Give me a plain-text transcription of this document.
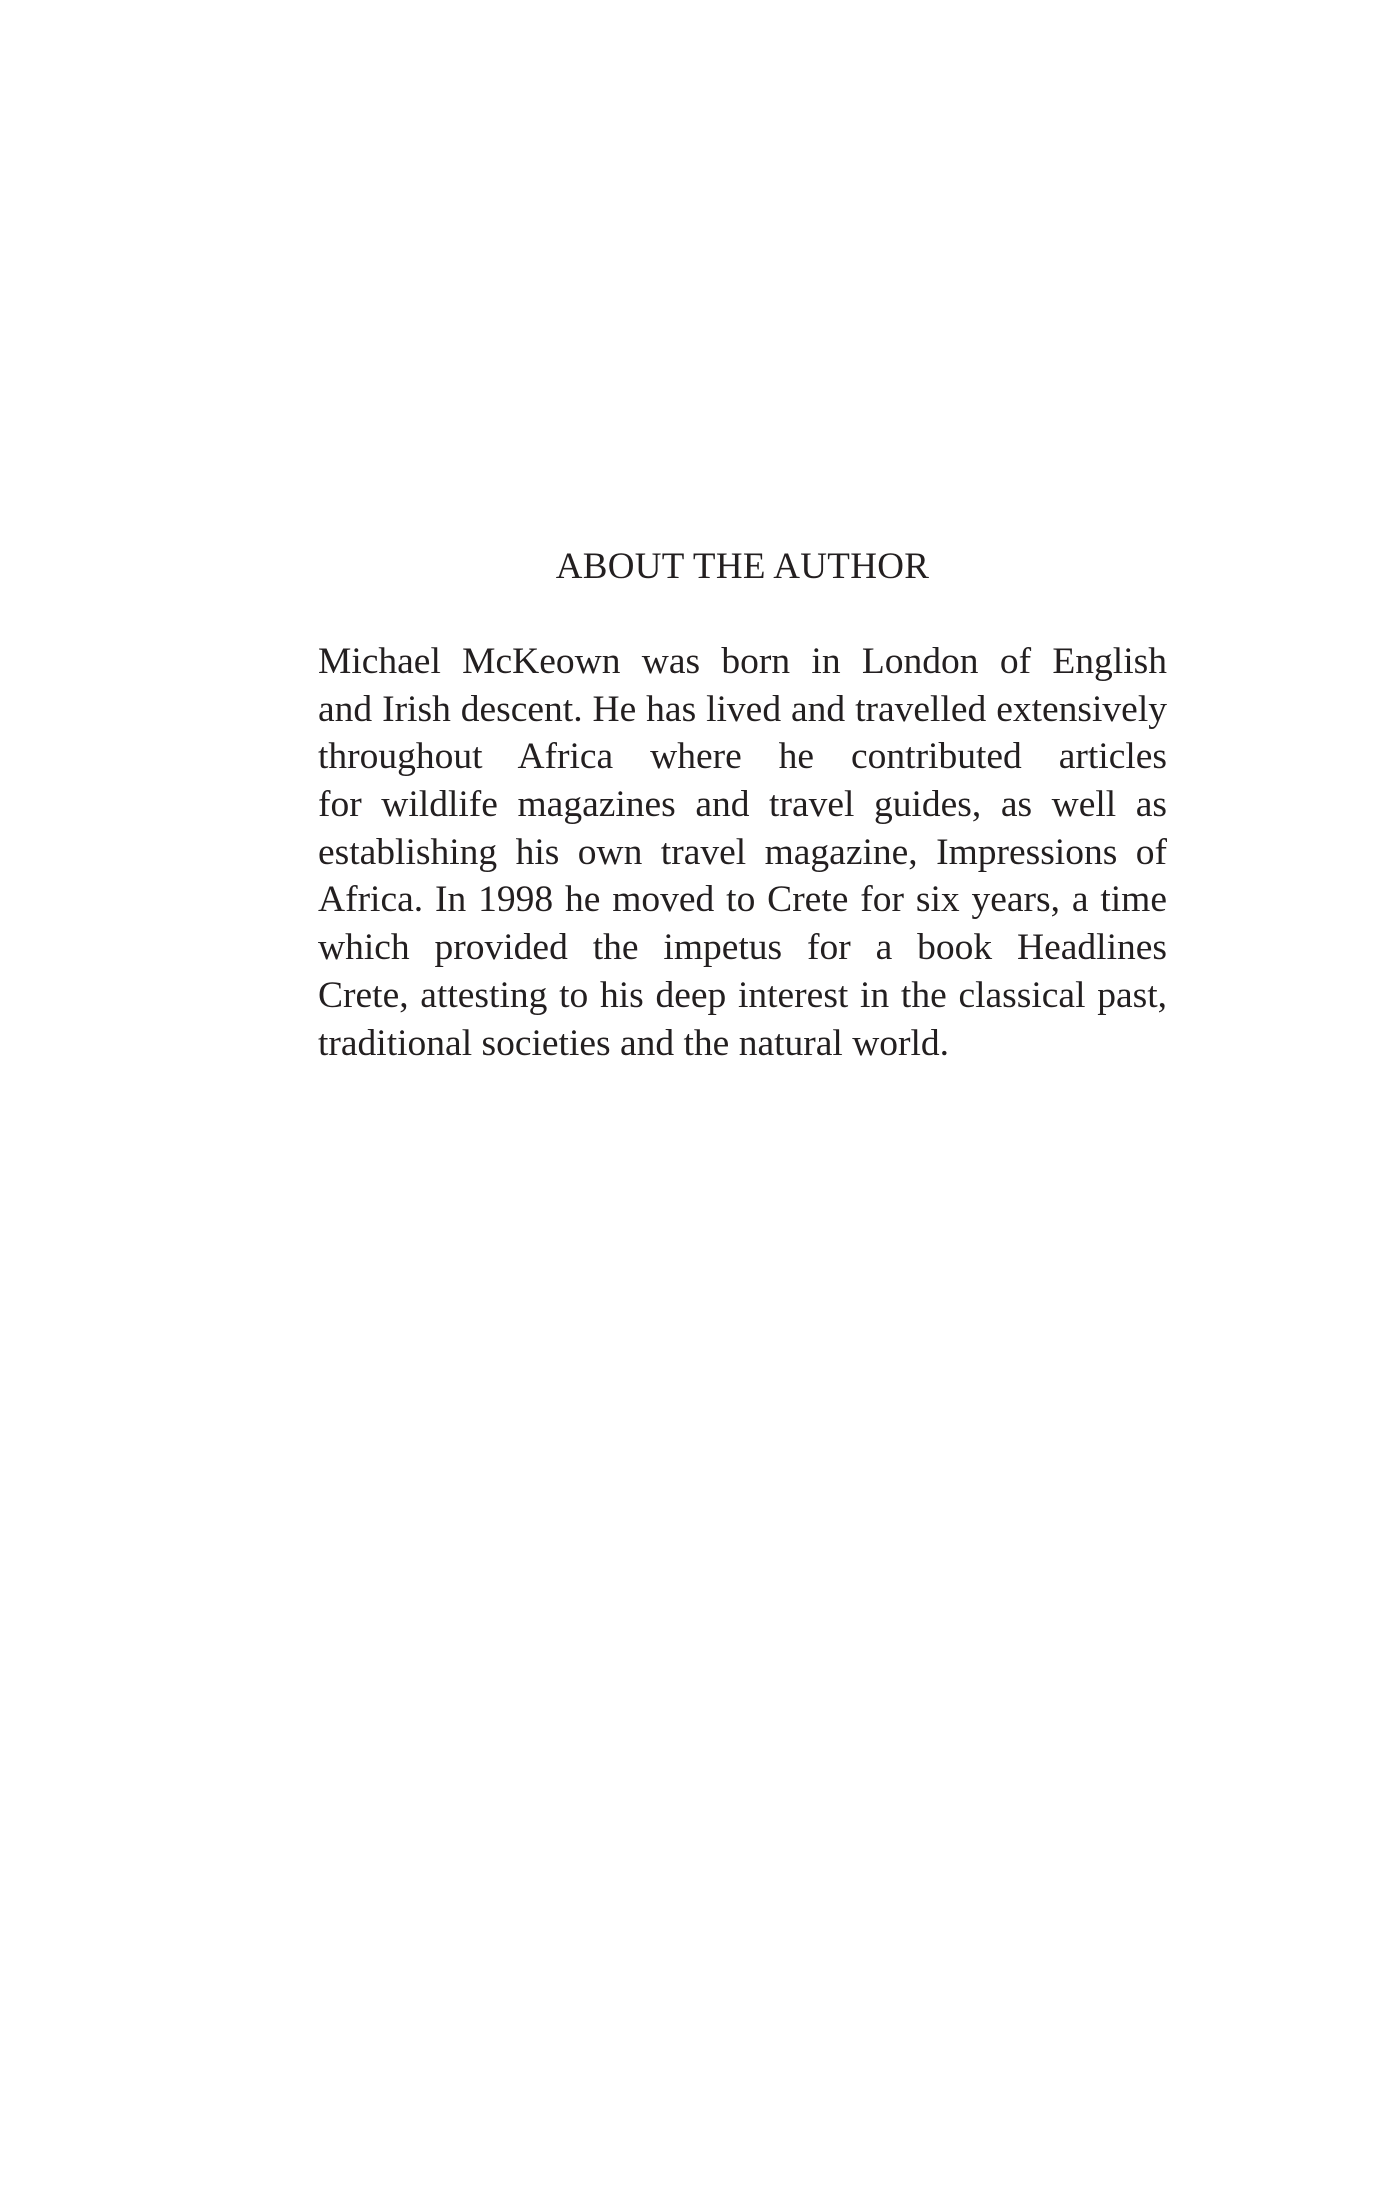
ABOUT THE AUTHOR

Michael McKeown was born in London of English
and Irish descent. He has lived and travelled extensively
throughout Africa where he contributed articles
for wildlife magazines and travel guides, as well as
establishing his own travel magazine, Impressions of
Africa. In 1998 he moved to Crete for six years, a time
which provided the impetus for a book Headlines
Crete, attesting to his deep interest in the classical past,
traditional societies and the natural world.
